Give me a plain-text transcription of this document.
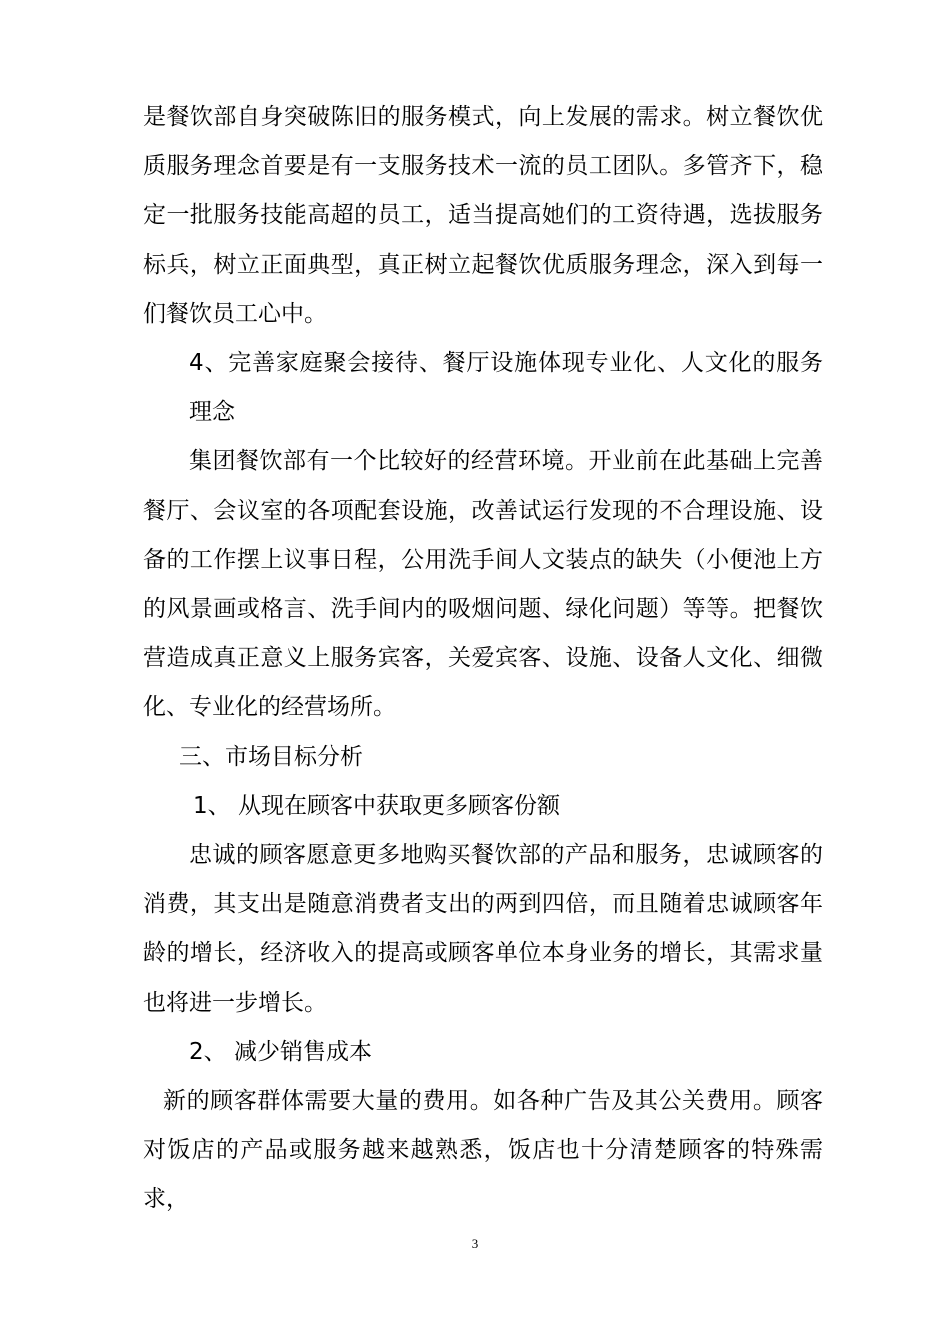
是餐饮部自身突破陈旧的服务模式，向上发展的需求。树立餐饮优质服务理念首要是有一支服务技术一流的员工团队。多管齐下，稳定一批服务技能高超的员工，适当提高她们的工资待遇，选拔服务标兵，树立正面典型，真正树立起餐饮优质服务理念，深入到每一们餐饮员工心中。

4、完善家庭聚会接待、餐厅设施体现专业化、人文化的服务理念

集团餐饮部有一个比较好的经营环境。开业前在此基础上完善餐厅、会议室的各项配套设施，改善试运行发现的不合理设施、设备的工作摆上议事日程，公用洗手间人文装点的缺失（小便池上方的风景画或格言、洗手间内的吸烟问题、绿化问题）等等。把餐饮营造成真正意义上服务宾客，关爱宾客、设施、设备人文化、细微化、专业化的经营场所。

三、市场目标分析

1、 从现在顾客中获取更多顾客份额

忠诚的顾客愿意更多地购买餐饮部的产品和服务，忠诚顾客的消费，其支出是随意消费者支出的两到四倍，而且随着忠诚顾客年龄的增长，经济收入的提高或顾客单位本身业务的增长，其需求量也将进一步增长。

2、 减少销售成本

新的顾客群体需要大量的费用。如各种广告及其公关费用。顾客对饭店的产品或服务越来越熟悉，饭店也十分清楚顾客的特殊需求，

3
